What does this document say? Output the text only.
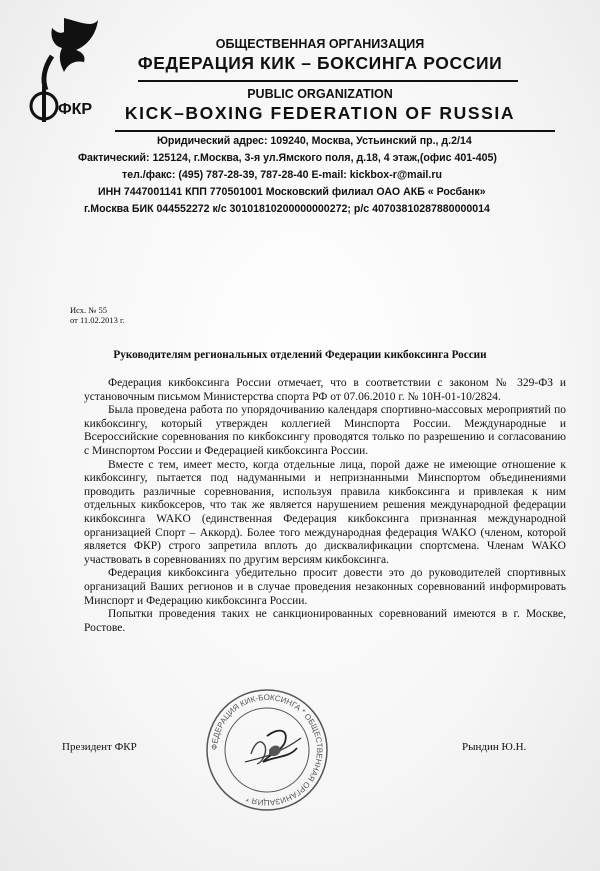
ФКР
ОБЩЕСТВЕННАЯ ОРГАНИЗАЦИЯ
ФЕДЕРАЦИЯ КИК – БОКСИНГА РОССИИ
PUBLIC ORGANIZATION
KICK–BOXING FEDERATION OF RUSSIA
Юридический адрес: 109240, Москва, Устьинский пр., д.2/14
Фактический: 125124, г.Москва, 3-я ул.Ямского поля, д.18, 4 этаж,(офис 401-405)
тел./факс: (495) 787-28-39, 787-28-40 E-mail: kickbox-r@mail.ru
ИНН 7447001141 КПП 770501001 Московский филиал ОАО АКБ « Росбанк»
г.Москва БИК 044552272 к/с 30101810200000000272; р/с 40703810287880000014
Исх. № 55
от 11.02.2013 г.
Руководителям региональных отделений Федерации кикбоксинга России

Федерация кикбоксинга России отмечает, что в соответствии с законом № 329-ФЗ и установочным письмом Министерства спорта РФ от 07.06.2010 г. № 10Н-01-10/2824.

Была проведена работа по упорядочиванию календаря спортивно-массовых мероприятий по кикбоксингу, который утвержден коллегией Минспорта России. Международные и Всероссийские соревнования по кикбоксингу проводятся только по разрешению и согласованию с Минспортом России и Федерацией кикбоксинга России.

Вместе с тем, имеет место, когда отдельные лица, порой даже не имеющие отношение к кикбоксингу, пытается под надуманными и непризнанными Минспортом объединениями проводить различные соревнования, используя правила кикбоксинга и привлекая к ним отдельных кикбоксеров, что так же является нарушением решения международной федерации кикбоксинга WAKO (единственная Федерация кикбоксинга признанная международной организацией Спорт – Аккорд). Более того международная федерация WAKO (членом, которой является ФКР) строго запретила вплоть до дисквалификации спортсмена. Членам WAKO участвовать в соревнованиях по другим версиям кикбоксинга.

Федерация кикбоксинга убедительно просит довести это до руководителей спортивных организаций Ваших регионов и в случае проведения незаконных соревнований информировать Минспорт и Федерацию кикбоксинга России.

Попытки проведения таких не санкционированных соревнований имеются в г. Москве, Ростове.

Президент ФКР	Рындин Ю.Н.
ФЕДЕРАЦИЯ КИК-БОКСИНГА * ОБЩЕСТВЕННАЯ ОРГАНИЗАЦИЯ *
